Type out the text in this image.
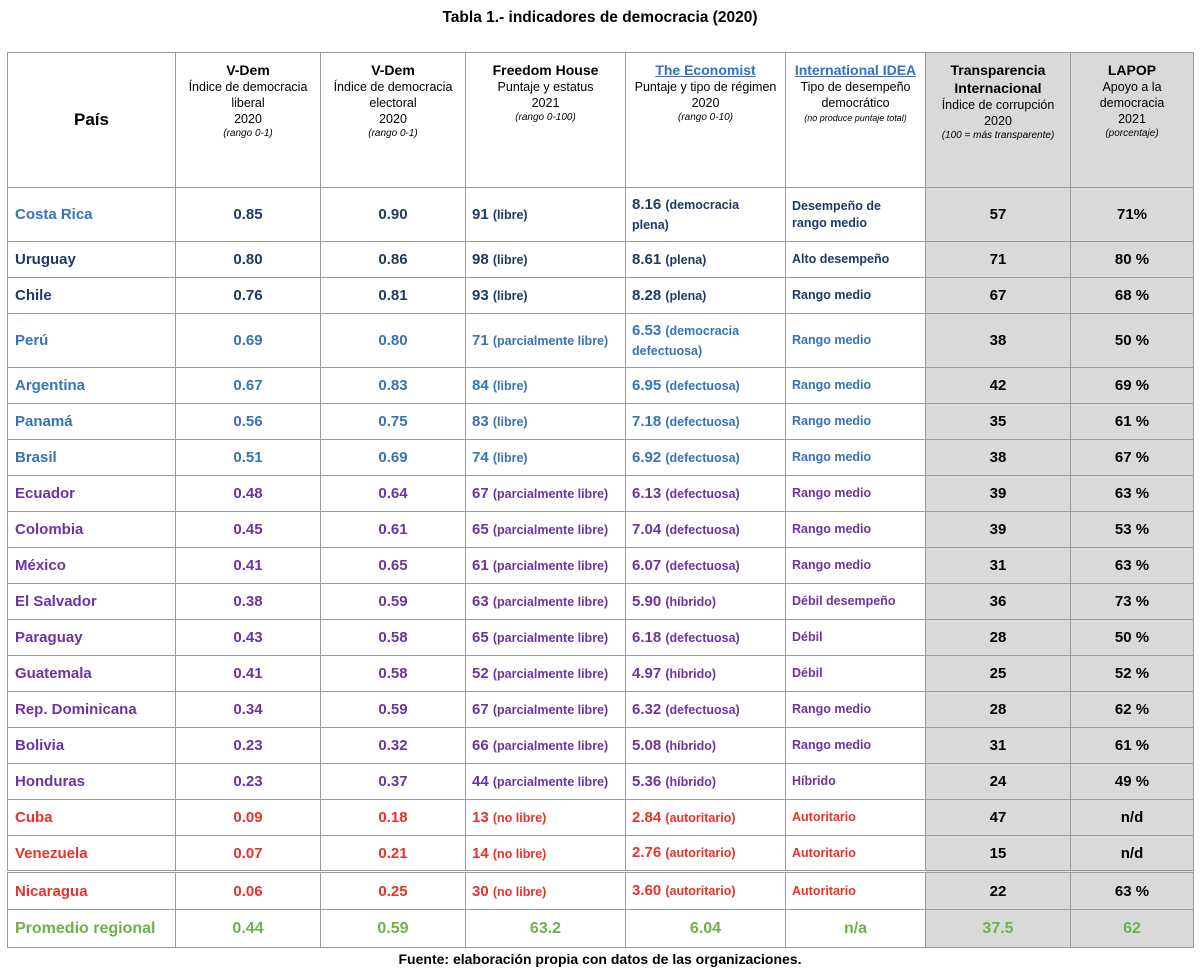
Tabla 1.- indicadores de democracia (2020)
País	V-Dem
Índice de democracia liberal
2020
(rango 0-1)	V-Dem
Índice de democracia electoral
2020
(rango 0-1)	Freedom House
Puntaje y estatus
2021
(rango 0-100)	The Economist
Puntaje y tipo de régimen
2020
(rango 0-10)	International IDEA
Tipo de desempeño democrático
(no produce puntaje total)	Transparencia Internacional
Índice de corrupción
2020
(100 = más transparente)	LAPOP
Apoyo a la democracia
2021
(porcentaje)

Costa Rica	0.85	0.90	91 (libre)	8.16 (democracia plena)	Desempeño de rango medio	57	71%
Uruguay	0.80	0.86	98 (libre)	8.61 (plena)	Alto desempeño	71	80 %
Chile	0.76	0.81	93 (libre)	8.28 (plena)	Rango medio	67	68 %
Perú	0.69	0.80	71 (parcialmente libre)	6.53 (democracia defectuosa)	Rango medio	38	50 %
Argentina	0.67	0.83	84 (libre)	6.95 (defectuosa)	Rango medio	42	69 %
Panamá	0.56	0.75	83 (libre)	7.18 (defectuosa)	Rango medio	35	61 %
Brasil	0.51	0.69	74 (libre)	6.92 (defectuosa)	Rango medio	38	67 %
Ecuador	0.48	0.64	67 (parcialmente libre)	6.13 (defectuosa)	Rango medio	39	63 %
Colombia	0.45	0.61	65 (parcialmente libre)	7.04 (defectuosa)	Rango medio	39	53 %
México	0.41	0.65	61 (parcialmente libre)	6.07 (defectuosa)	Rango medio	31	63 %
El Salvador	0.38	0.59	63 (parcialmente libre)	5.90 (híbrido)	Débil desempeño	36	73 %
Paraguay	0.43	0.58	65 (parcialmente libre)	6.18 (defectuosa)	Débil	28	50 %
Guatemala	0.41	0.58	52 (parcialmente libre)	4.97 (híbrido)	Débil	25	52 %
Rep. Dominicana	0.34	0.59	67 (parcialmente libre)	6.32 (defectuosa)	Rango medio	28	62 %
Bolivia	0.23	0.32	66 (parcialmente libre)	5.08 (híbrido)	Rango medio	31	61 %
Honduras	0.23	0.37	44 (parcialmente libre)	5.36 (híbrido)	Híbrido	24	49 %
Cuba	0.09	0.18	13 (no libre)	2.84 (autoritario)	Autoritario	47	n/d
Venezuela	0.07	0.21	14 (no libre)	2.76 (autoritario)	Autoritario	15	n/d
Nicaragua	0.06	0.25	30 (no libre)	3.60 (autoritario)	Autoritario	22	63 %
Promedio regional	0.44	0.59	63.2	6.04	n/a	37.5	62
Fuente: elaboración propia con datos de las organizaciones.
